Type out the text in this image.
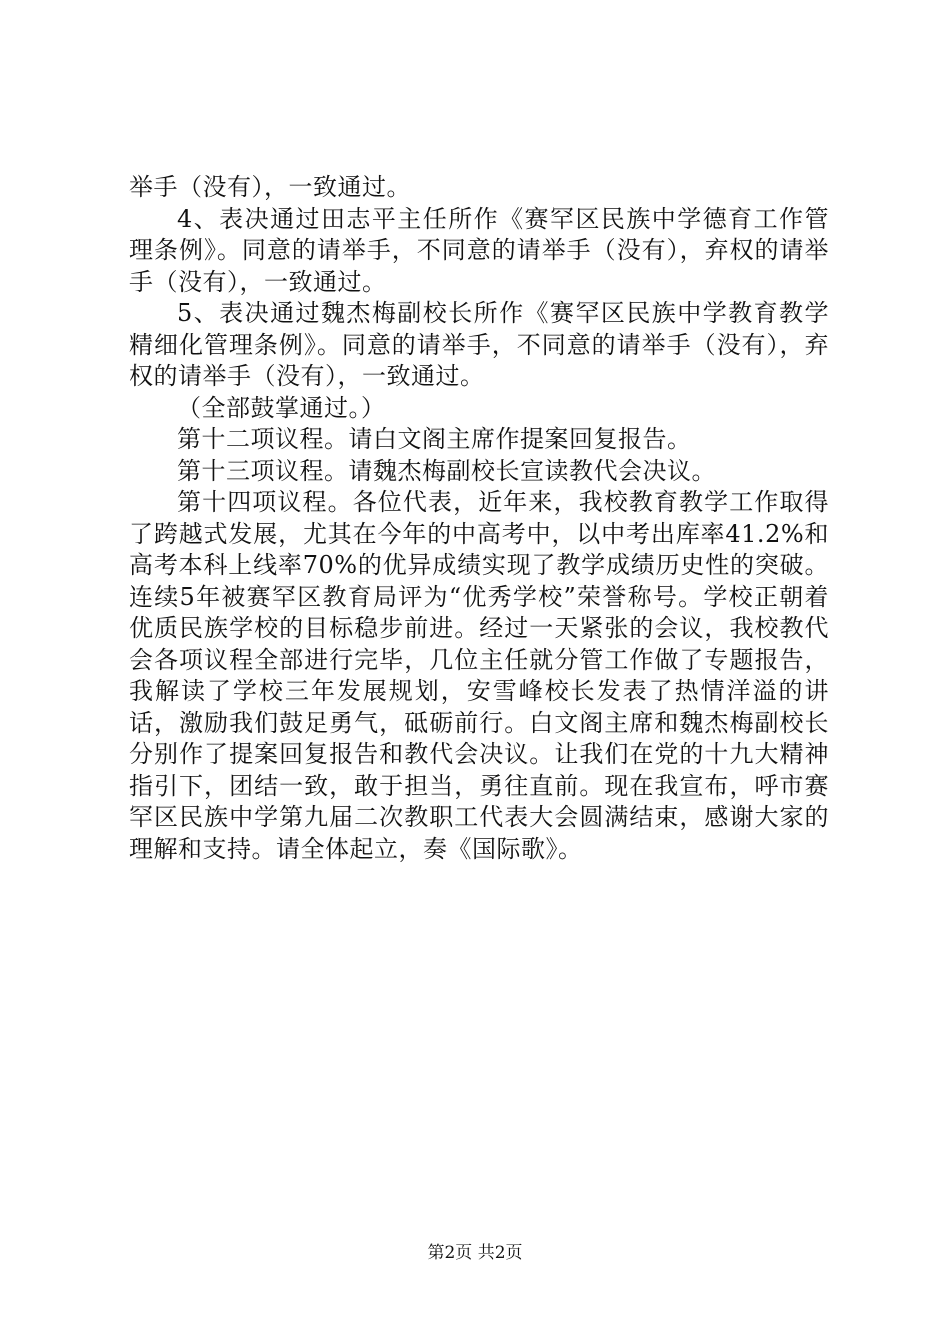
举手（没有），一致通过。

4、表决通过田志平主任所作《赛罕区民族中学德育工作管理条例》。同意的请举手，不同意的请举手（没有），弃权的请举手（没有），一致通过。

5、表决通过魏杰梅副校长所作《赛罕区民族中学教育教学精细化管理条例》。同意的请举手，不同意的请举手（没有），弃权的请举手（没有），一致通过。

（全部鼓掌通过。）

第十二项议程。请白文阁主席作提案回复报告。

第十三项议程。请魏杰梅副校长宣读教代会决议。

第十四项议程。各位代表，近年来，我校教育教学工作取得了跨越式发展，尤其在今年的中高考中，以中考出库率41.2%和高考本科上线率70%的优异成绩实现了教学成绩历史性的突破。连续5年被赛罕区教育局评为“优秀学校”荣誉称号。学校正朝着优质民族学校的目标稳步前进。经过一天紧张的会议，我校教代会各项议程全部进行完毕，几位主任就分管工作做了专题报告，我解读了学校三年发展规划，安雪峰校长发表了热情洋溢的讲话，激励我们鼓足勇气，砥砺前行。白文阁主席和魏杰梅副校长分别作了提案回复报告和教代会决议。让我们在党的十九大精神指引下，团结一致，敢于担当，勇往直前。现在我宣布，呼市赛罕区民族中学第九届二次教职工代表大会圆满结束，感谢大家的理解和支持。请全体起立，奏《国际歌》。

第2页 共2页
